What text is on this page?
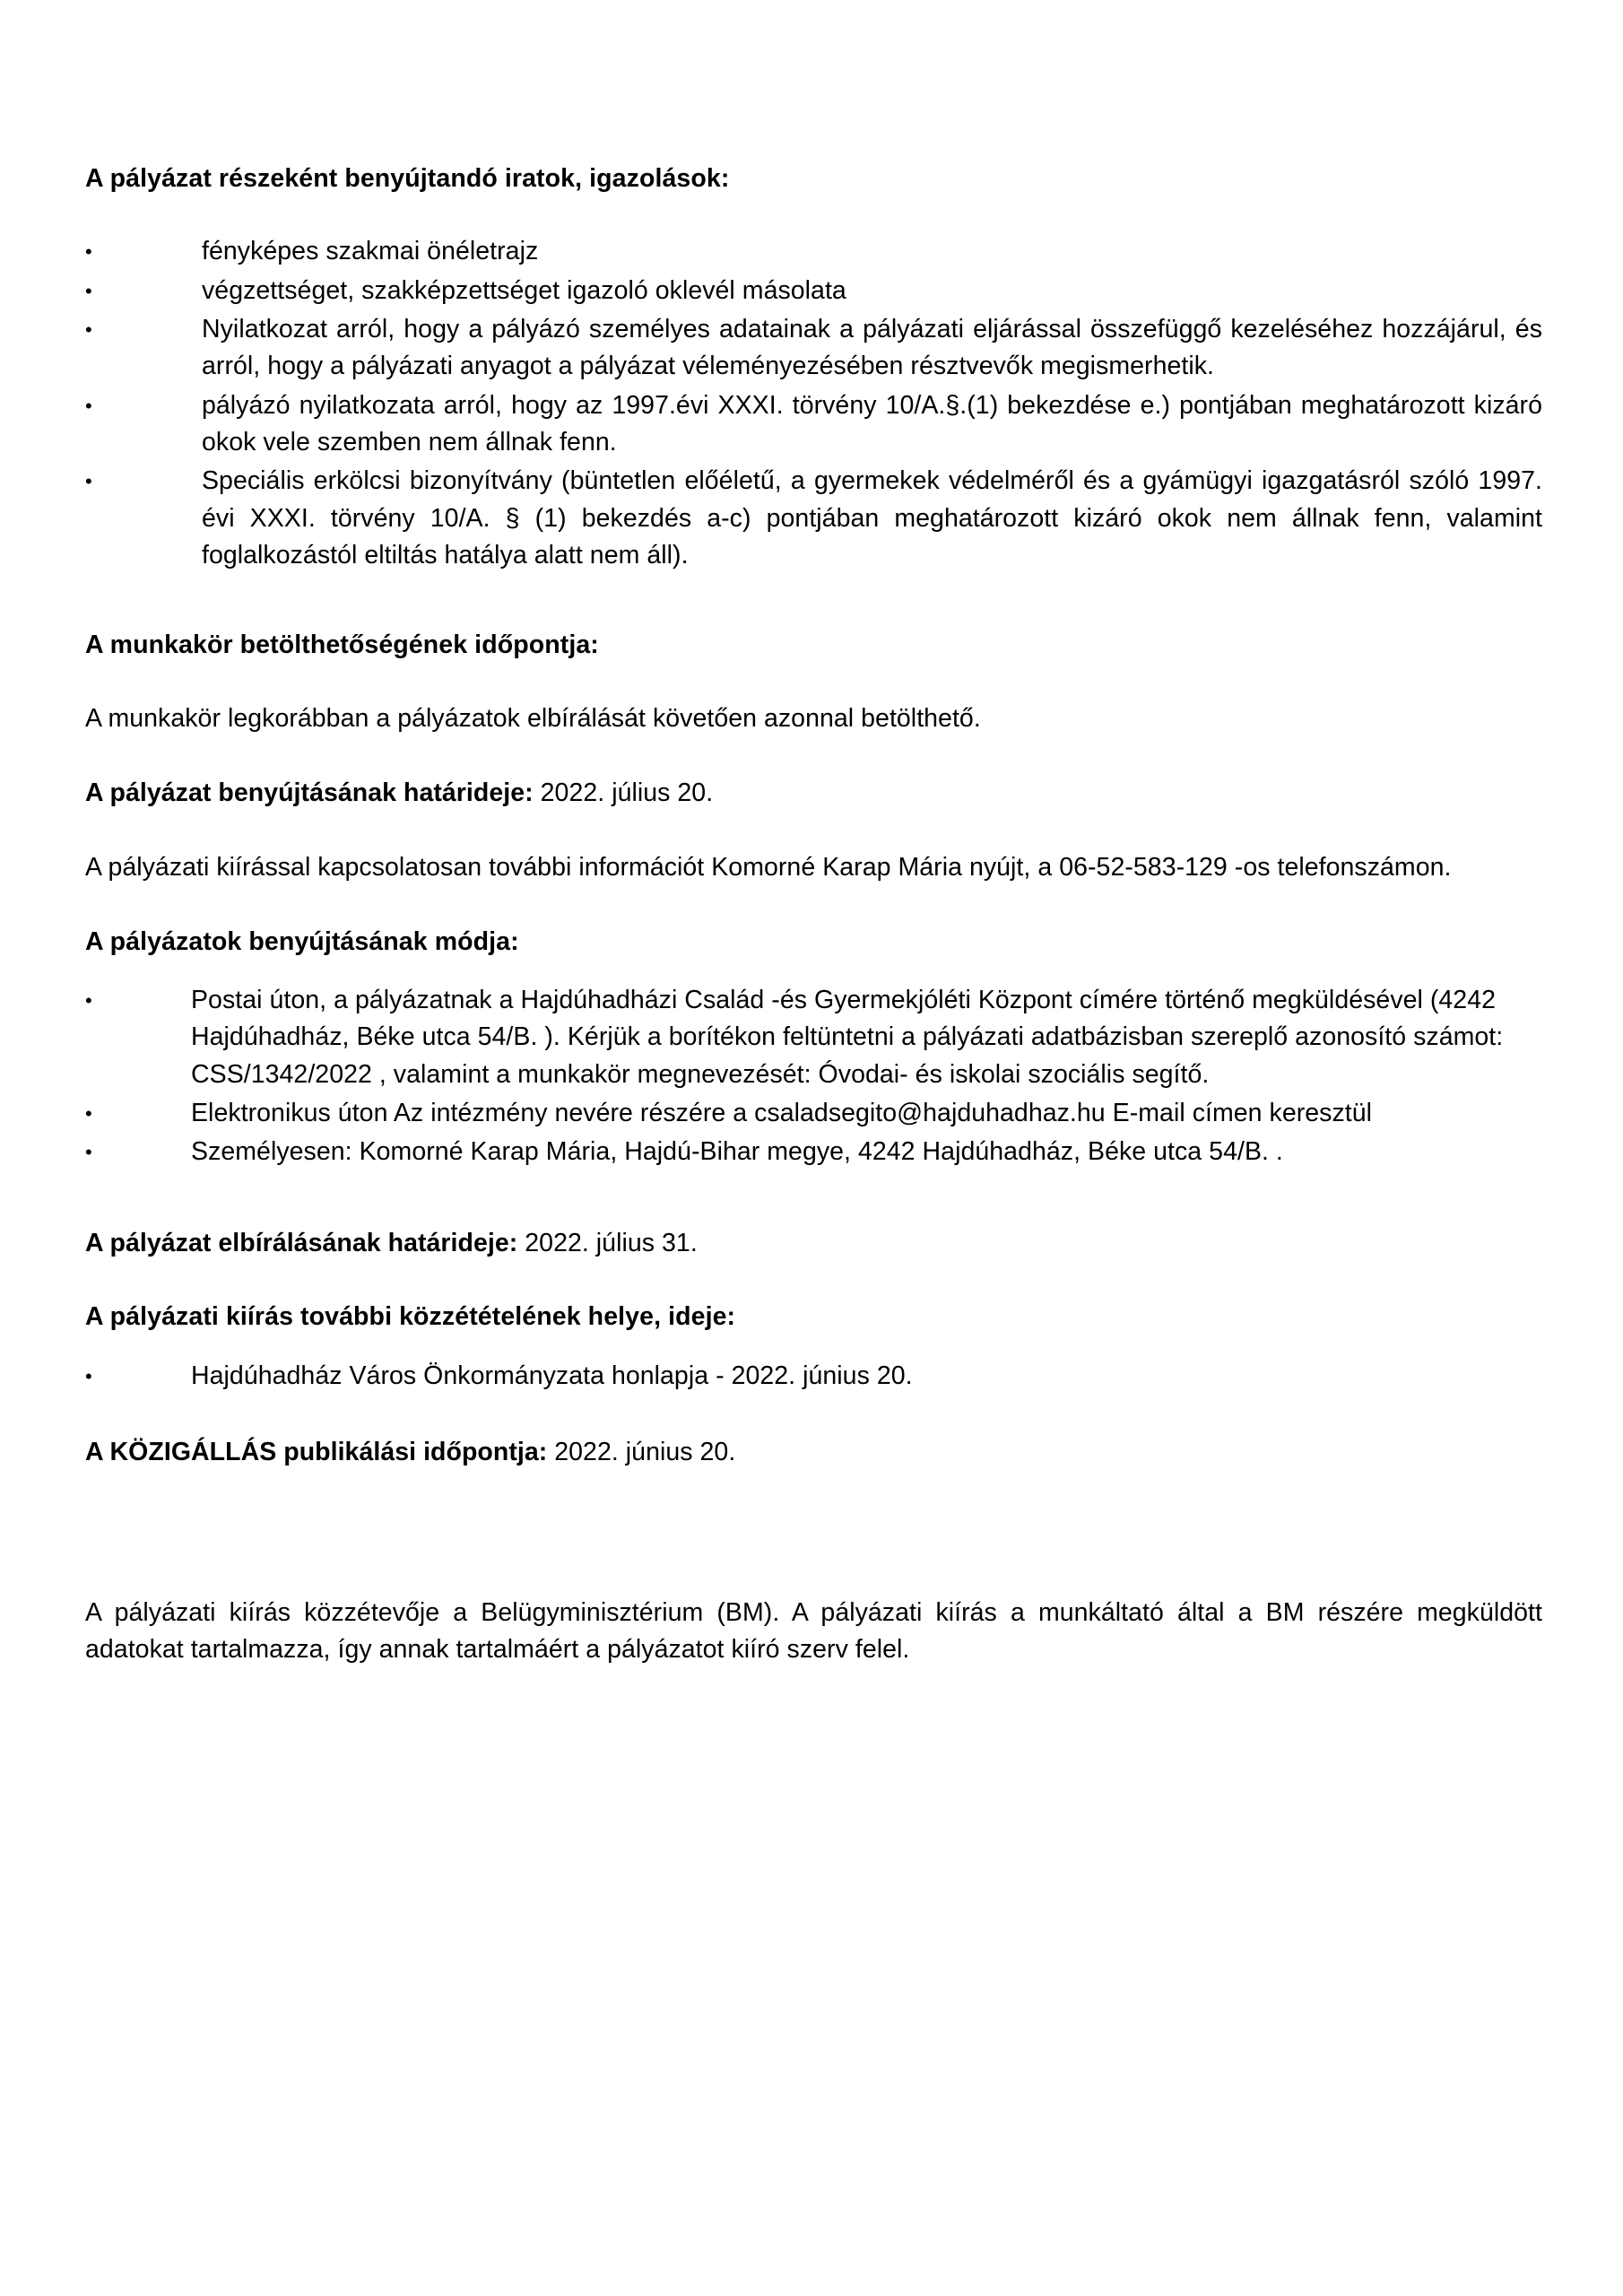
A pályázat részeként benyújtandó iratok, igazolások:
•	fényképes szakmai önéletrajz
•	végzettséget, szakképzettséget igazoló oklevél másolata
•	Nyilatkozat arról, hogy a pályázó személyes adatainak a pályázati eljárással összefüggő kezeléséhez hozzájárul, és arról, hogy a pályázati anyagot a pályázat véleményezésében résztvevők megismerhetik.
•	pályázó nyilatkozata arról, hogy az 1997.évi XXXI. törvény 10/A.§.(1) bekezdése e.) pontjában meghatározott kizáró okok vele szemben nem állnak fenn.
•	Speciális erkölcsi bizonyítvány (büntetlen előéletű, a gyermekek védelméről és a gyámügyi igazgatásról szóló 1997. évi XXXI. törvény 10/A. § (1) bekezdés a-c) pontjában meghatározott kizáró okok nem állnak fenn, valamint foglalkozástól eltiltás hatálya alatt nem áll).
A munkakör betölthetőségének időpontja:
A munkakör legkorábban a pályázatok elbírálását követően azonnal betölthető.
A pályázat benyújtásának határideje: 2022. július 20.
A pályázati kiírással kapcsolatosan további információt Komorné Karap Mária nyújt, a 06-52-583-129 -os telefonszámon.
A pályázatok benyújtásának módja:
•	Postai úton, a pályázatnak a Hajdúhadházi Család -és Gyermekjóléti Központ címére történő megküldésével (4242 Hajdúhadház, Béke utca 54/B. ). Kérjük a borítékon feltüntetni a pályázati adatbázisban szereplő azonosító számot: CSS/1342/2022 , valamint a munkakör megnevezését: Óvodai- és iskolai szociális segítő.
•	Elektronikus úton Az intézmény nevére részére a csaladsegito@hajduhadhaz.hu E-mail címen keresztül
•	Személyesen: Komorné Karap Mária, Hajdú-Bihar megye, 4242 Hajdúhadház, Béke utca 54/B. .
A pályázat elbírálásának határideje: 2022. július 31.
A pályázati kiírás további közzétételének helye, ideje:
•	Hajdúhadház Város Önkormányzata honlapja - 2022. június 20.
A KÖZIGÁLLÁS publikálási időpontja: 2022. június 20.
A pályázati kiírás közzétevője a Belügyminisztérium (BM). A pályázati kiírás a munkáltató által a BM részére megküldött adatokat tartalmazza, így annak tartalmáért a pályázatot kiíró szerv felel.
